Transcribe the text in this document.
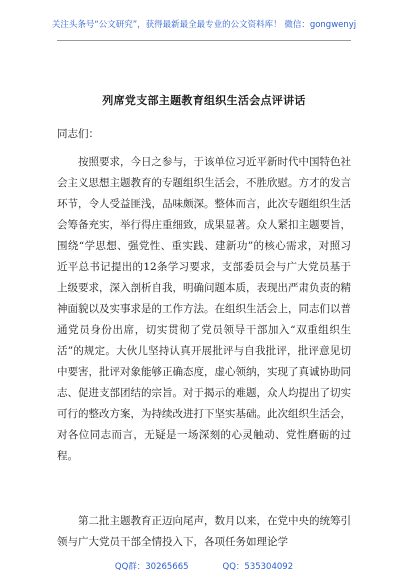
关注头条号“公文研究”，获得最新最全最专业的公文资料库！ 微信：gongwenyj
列席党支部主题教育组织生活会点评讲话
同志们：

按照要求，今日之参与，于该单位习近平新时代中国特色社会主义思想主题教育的专题组织生活会，不胜欣慰。方才的发言环节，令人受益匪浅，品味颇深。整体而言，此次专题组织生活会筹备充实，举行得庄重细致，成果显著。众人紧扣主题要旨，围绕“学思想、强党性、重实践、建新功”的核心需求，对照习近平总书记提出的12条学习要求，支部委员会与广大党员基于上级要求，深入剖析自我，明确问题本质，表现出严肃负责的精神面貌以及实事求是的工作方法。在组织生活会上，同志们以普通党员身份出席，切实贯彻了党员领导干部加入“双重组织生活”的规定。大伙儿坚持认真开展批评与自我批评，批评意见切中要害，批评对象能够正确态度，虚心领纳，实现了真诚协助同志、促进支部团结的宗旨。对于揭示的难题，众人均提出了切实可行的整改方案，为持续改进打下坚实基础。此次组织生活会，对各位同志而言，无疑是一场深刻的心灵触动、党性磨砺的过程。

第二批主题教育正迈向尾声，数月以来，在党中央的统筹引领与广大党员干部全情投入下，各项任务如理论学

QQ群：30265665	QQ：535304092
